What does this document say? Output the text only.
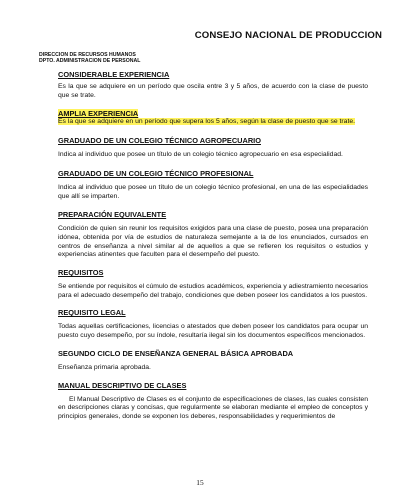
CONSEJO NACIONAL DE PRODUCCION
DIRECCION DE RECURSOS HUMANOS
DPTO. ADMINISTRACION DE PERSONAL
CONSIDERABLE EXPERIENCIA
Es la que se adquiere en un período que oscila entre 3 y 5 años, de acuerdo con la clase de puesto que se trate.
AMPLIA EXPERIENCIA
Es la que se adquiere en un período que supera los 5 años, según la clase de puesto que se trate.
GRADUADO DE UN COLEGIO TÉCNICO AGROPECUARIO
Indica al individuo que posee un título de un colegio técnico agropecuario en esa especialidad.
GRADUADO DE UN COLEGIO TÉCNICO PROFESIONAL
Indica al individuo que posee un título de un colegio técnico profesional, en una de las especialidades que allí se imparten.
PREPARACIÓN EQUIVALENTE
Condición de quien sin reunir los requisitos exigidos para una clase de puesto, posea una preparación idónea, obtenida por vía de estudios de naturaleza semejante a la de los enunciados, cursados en centros de enseñanza a nivel similar al de aquellos a que se refieren los requisitos o estudios y experiencias atinentes que faculten para el desempeño del puesto.
REQUISITOS
Se entiende por requisitos el cúmulo de estudios académicos, experiencia y adiestramiento necesarios para el adecuado desempeño del trabajo, condiciones que deben poseer los candidatos a los puestos.
REQUISITO LEGAL
Todas aquellas certificaciones, licencias o atestados que deben poseer los candidatos para ocupar un puesto cuyo desempeño, por su índole, resultaría ilegal sin los documentos específicos mencionados.
SEGUNDO CICLO DE ENSEÑANZA GENERAL BÁSICA APROBADA
Enseñanza primaria aprobada.
MANUAL DESCRIPTIVO DE CLASES
El Manual Descriptivo de Clases es el conjunto de especificaciones de clases, las cuales consisten en descripciones claras y concisas, que regularmente se elaboran mediante el empleo de conceptos y principios generales, donde se exponen los deberes, responsabilidades y requerimientos de
15
